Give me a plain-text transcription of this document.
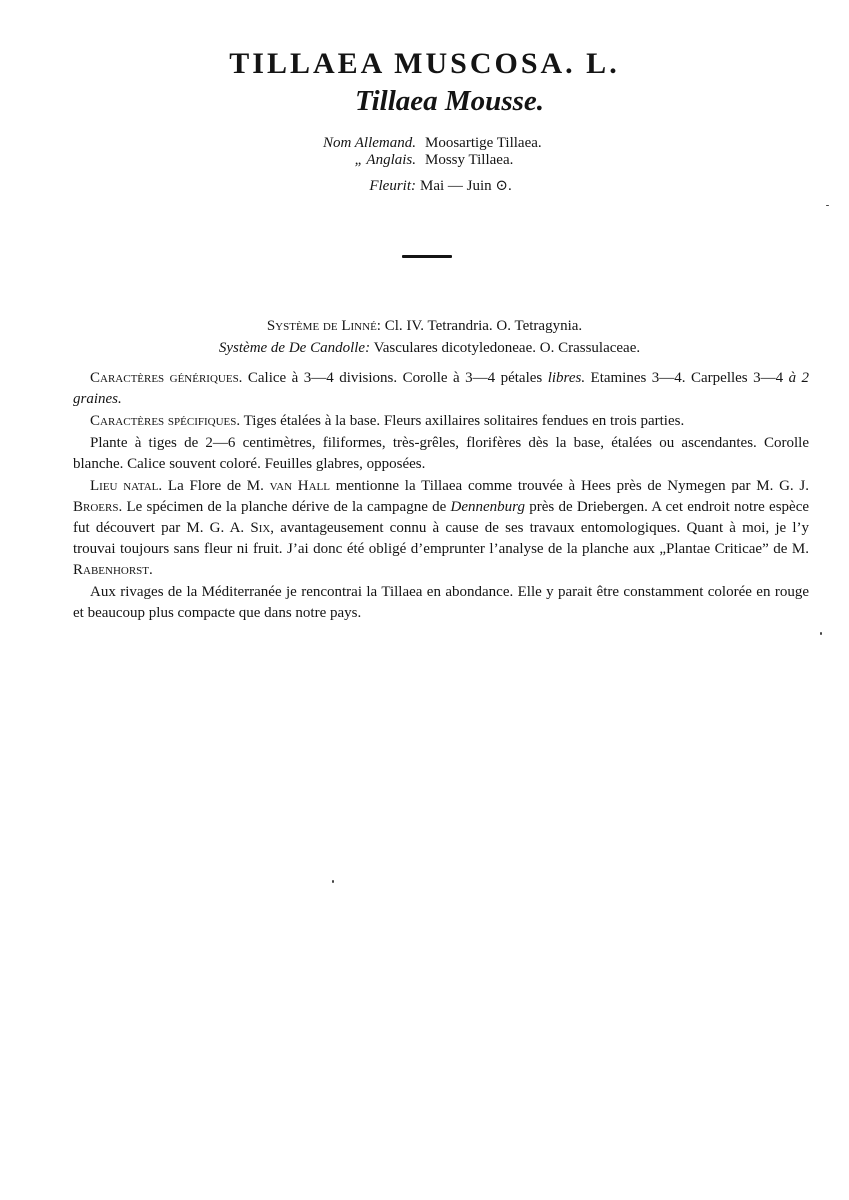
TILLAEA MUSCOSA. L.
Tillaea Mousse.
Nom Allemand. Moosartige Tillaea.
„ Anglais. Mossy Tillaea.
Fleurit: Mai — Juin ⊙.
Système de Linné: Cl. IV. Tetrandria. O. Tetragynia.
Système de De Candolle: Vasculares dicotyledoneae. O. Crassulaceae.

Caractères génériques. Calice à 3—4 divisions. Corolle à 3—4 pétales libres. Etamines 3—4. Carpelles 3—4 à 2 graines.

Caractères spécifiques. Tiges étalées à la base. Fleurs axillaires solitaires fendues en trois parties.

Plante à tiges de 2—6 centimètres, filiformes, très-grêles, florifères dès la base, étalées ou ascendantes. Corolle blanche. Calice souvent coloré. Feuilles glabres, opposées.

Lieu natal. La Flore de M. van Hall mentionne la Tillaea comme trouvée à Hees près de Nymegen par M. G. J. Broers. Le spécimen de la planche dérive de la campagne de Dennenburg près de Driebergen. A cet endroit notre espèce fut découvert par M. G. A. Six, avantageusement connu à cause de ses travaux entomologiques. Quant à moi, je l’y trouvai toujours sans fleur ni fruit. J’ai donc été obligé d’emprunter l’analyse de la planche aux „Plantae Criticae” de M. Rabenhorst.

Aux rivages de la Méditerranée je rencontrai la Tillaea en abondance. Elle y parait être constamment colorée en rouge et beaucoup plus compacte que dans notre pays.
